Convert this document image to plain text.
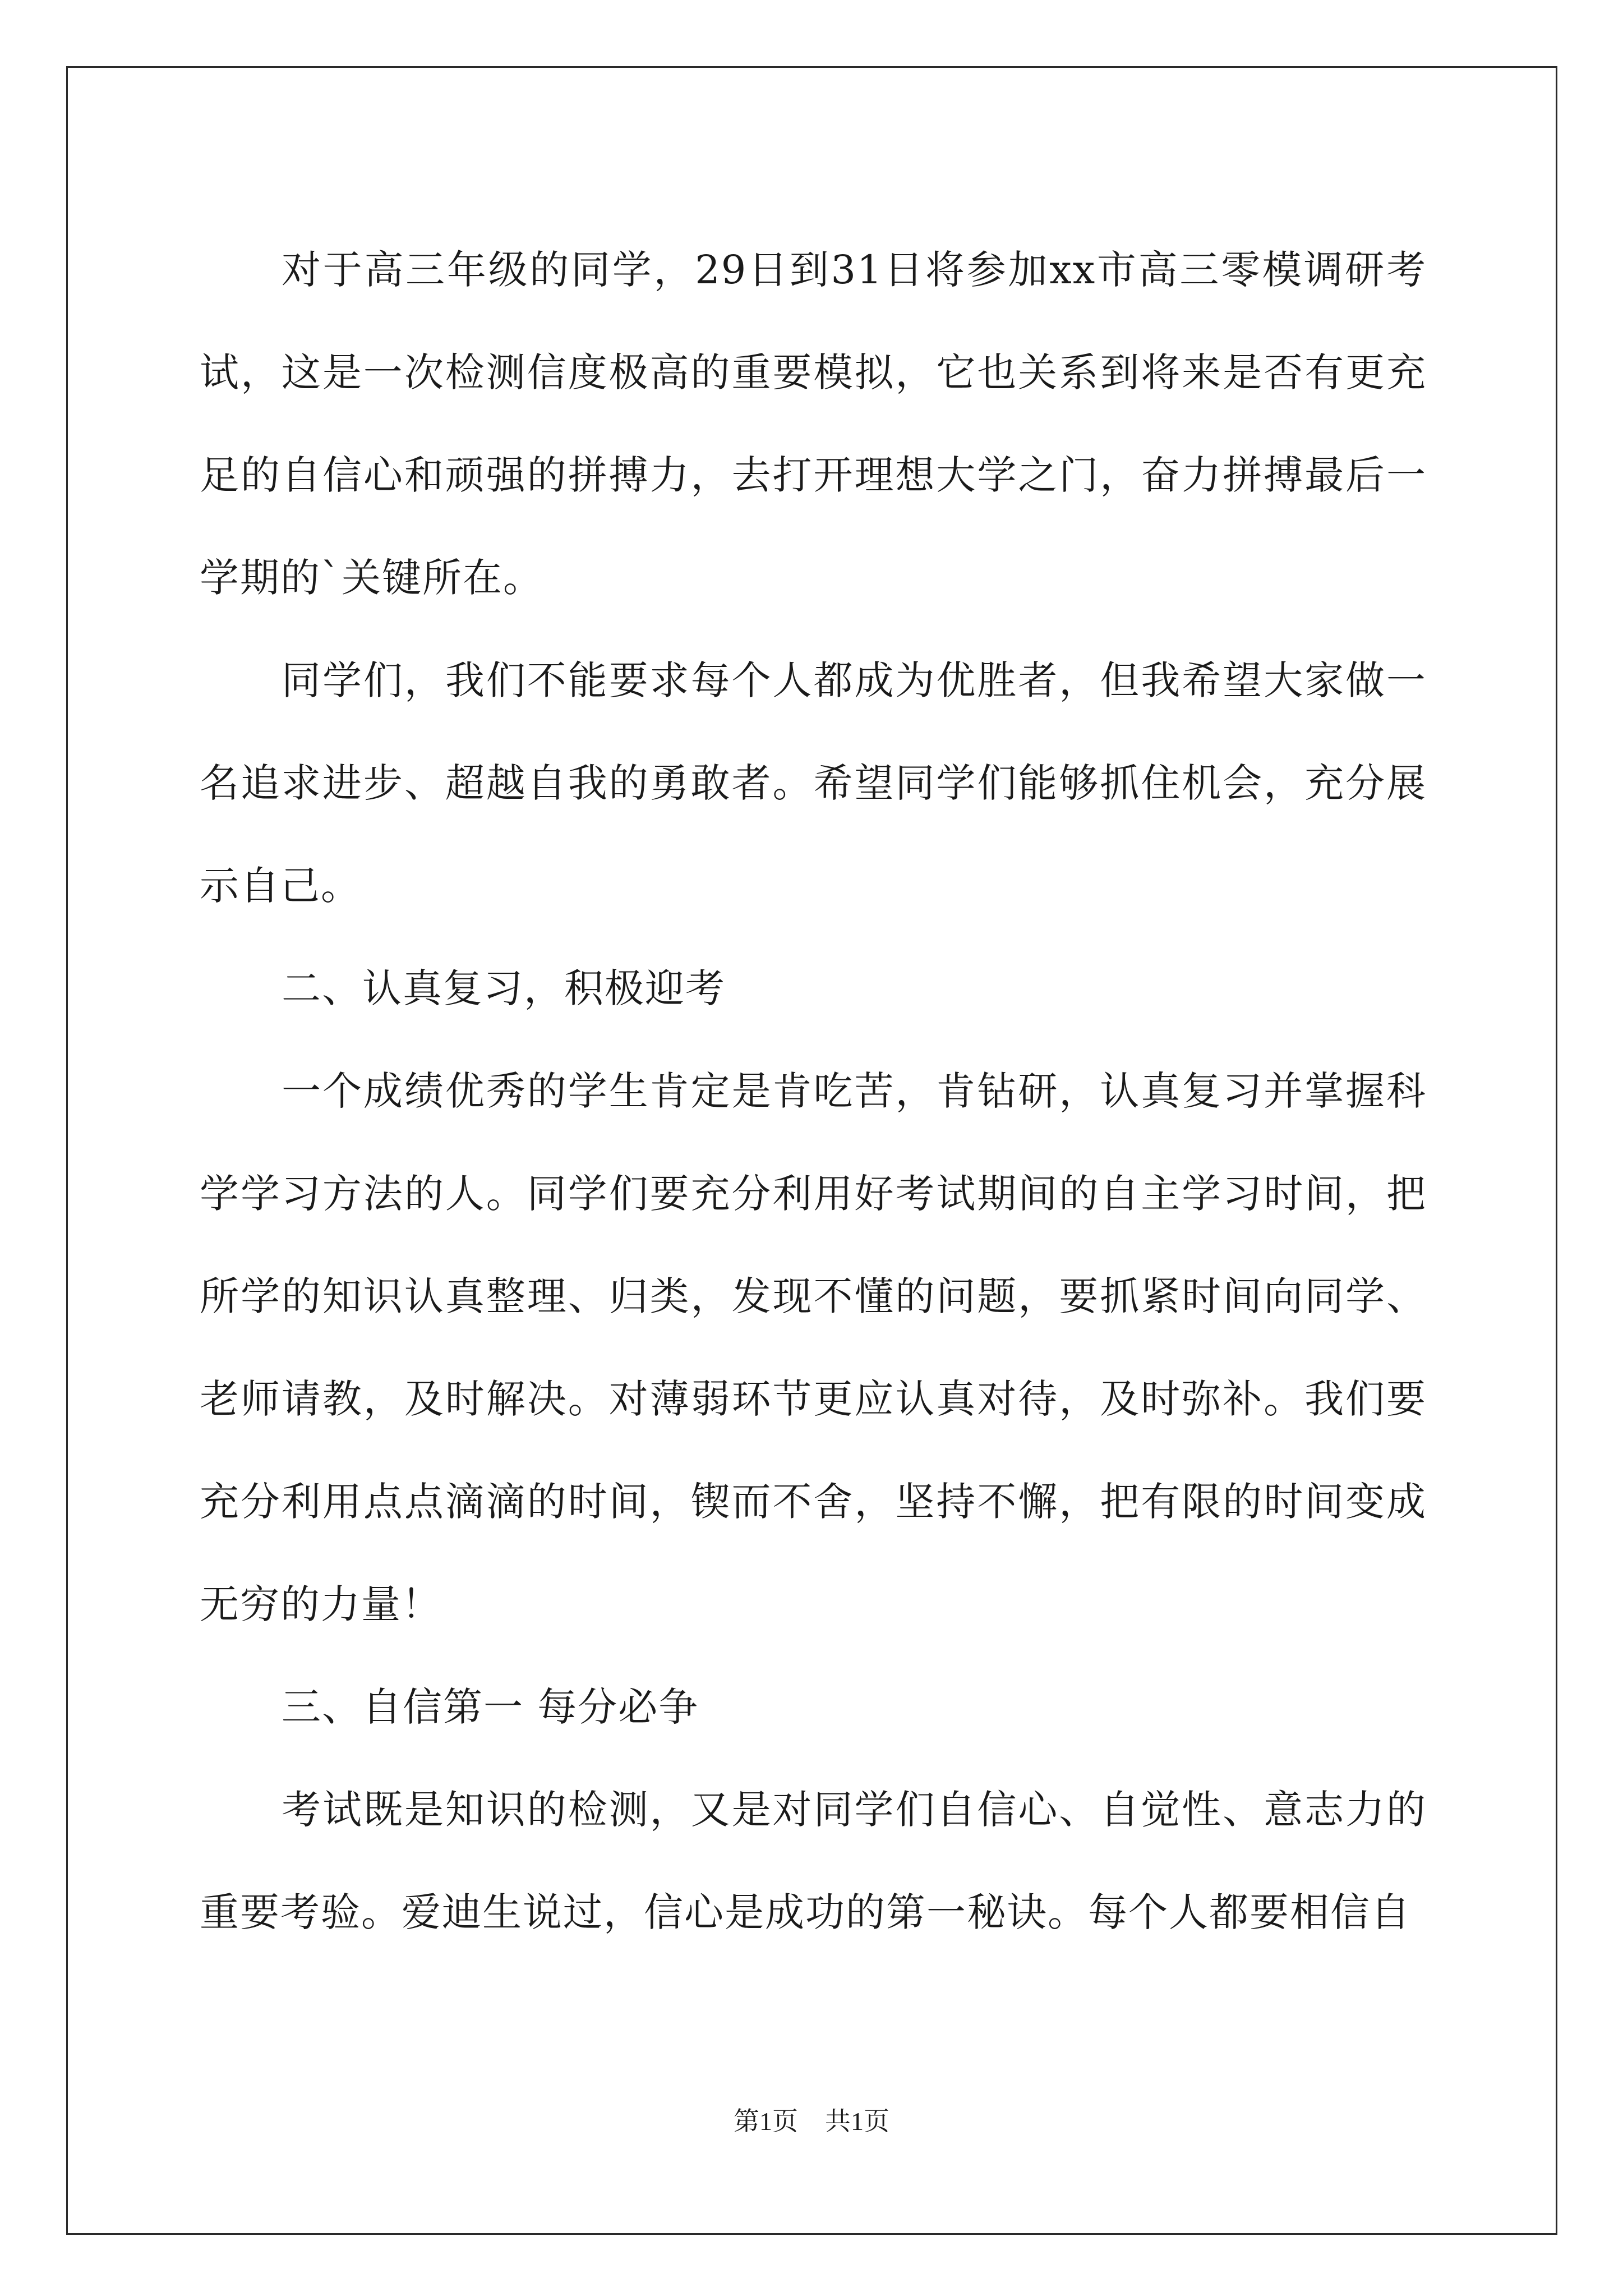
对于高三年级的同学，29日到31日将参加xx市高三零模调研考试，这是一次检测信度极高的重要模拟，它也关系到将来是否有更充足的自信心和顽强的拼搏力，去打开理想大学之门，奋力拼搏最后一学期的`关键所在。

同学们，我们不能要求每个人都成为优胜者，但我希望大家做一名追求进步、超越自我的勇敢者。希望同学们能够抓住机会，充分展示自己。

二、认真复习，积极迎考

一个成绩优秀的学生肯定是肯吃苦，肯钻研，认真复习并掌握科学学习方法的人。同学们要充分利用好考试期间的自主学习时间，把所学的知识认真整理、归类，发现不懂的问题，要抓紧时间向同学、老师请教，及时解决。对薄弱环节更应认真对待，及时弥补。我们要充分利用点点滴滴的时间，锲而不舍，坚持不懈，把有限的时间变成无穷的力量！

三、自信第一 每分必争

考试既是知识的检测，又是对同学们自信心、自觉性、意志力的重要考验。爱迪生说过，信心是成功的第一秘诀。每个人都要相信自

第1页 共1页
